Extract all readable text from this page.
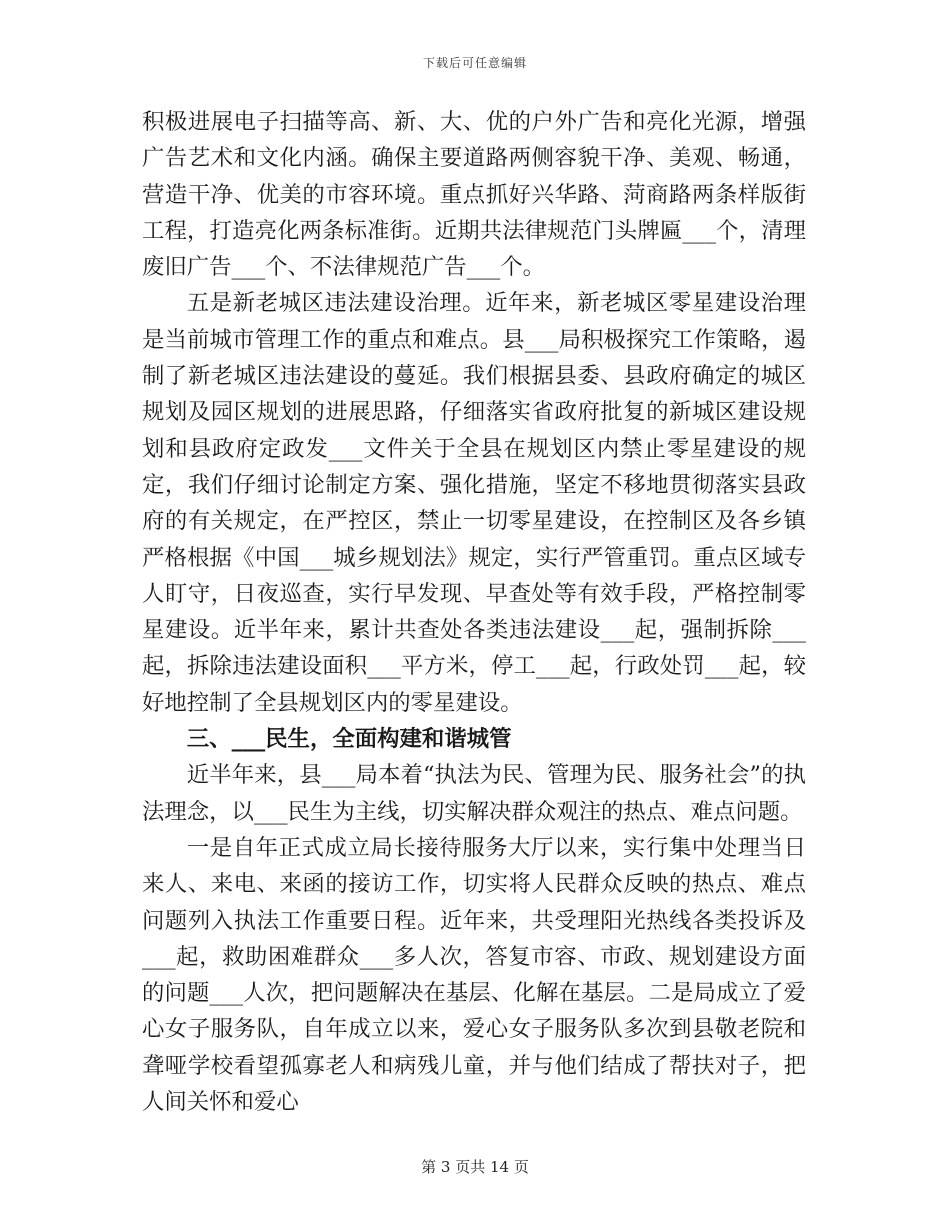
下载后可任意编辑

积极进展电子扫描等高、新、大、优的户外广告和亮化光源，增强广告艺术和文化内涵。确保主要道路两侧容貌干净、美观、畅通，营造干净、优美的市容环境。重点抓好兴华路、菏商路两条样版街工程，打造亮化两条标准街。近期共法律规范门头牌匾___个，清理废旧广告___个、不法律规范广告___个。

五是新老城区违法建设治理。近年来，新老城区零星建设治理是当前城市管理工作的重点和难点。县___局积极探究工作策略，遏制了新老城区违法建设的蔓延。我们根据县委、县政府确定的城区规划及园区规划的进展思路，仔细落实省政府批复的新城区建设规划和县政府定政发___文件关于全县在规划区内禁止零星建设的规定，我们仔细讨论制定方案、强化措施，坚定不移地贯彻落实县政府的有关规定，在严控区，禁止一切零星建设，在控制区及各乡镇严格根据《中国___城乡规划法》规定，实行严管重罚。重点区域专人盯守，日夜巡查，实行早发现、早查处等有效手段，严格控制零星建设。近半年来，累计共查处各类违法建设___起，强制拆除___起，拆除违法建设面积___平方米，停工___起，行政处罚___起，较好地控制了全县规划区内的零星建设。

三、___民生，全面构建和谐城管

近半年来，县___局本着“执法为民、管理为民、服务社会”的执法理念，以___民生为主线，切实解决群众观注的热点、难点问题。

一是自年正式成立局长接待服务大厅以来，实行集中处理当日来人、来电、来函的接访工作，切实将人民群众反映的热点、难点问题列入执法工作重要日程。近年来，共受理阳光热线各类投诉及___起，救助困难群众___多人次，答复市容、市政、规划建设方面的问题___人次，把问题解决在基层、化解在基层。二是局成立了爱心女子服务队，自年成立以来，爱心女子服务队多次到县敬老院和聋哑学校看望孤寡老人和病残儿童，并与他们结成了帮扶对子，把人间关怀和爱心

第 3 页共 14 页
